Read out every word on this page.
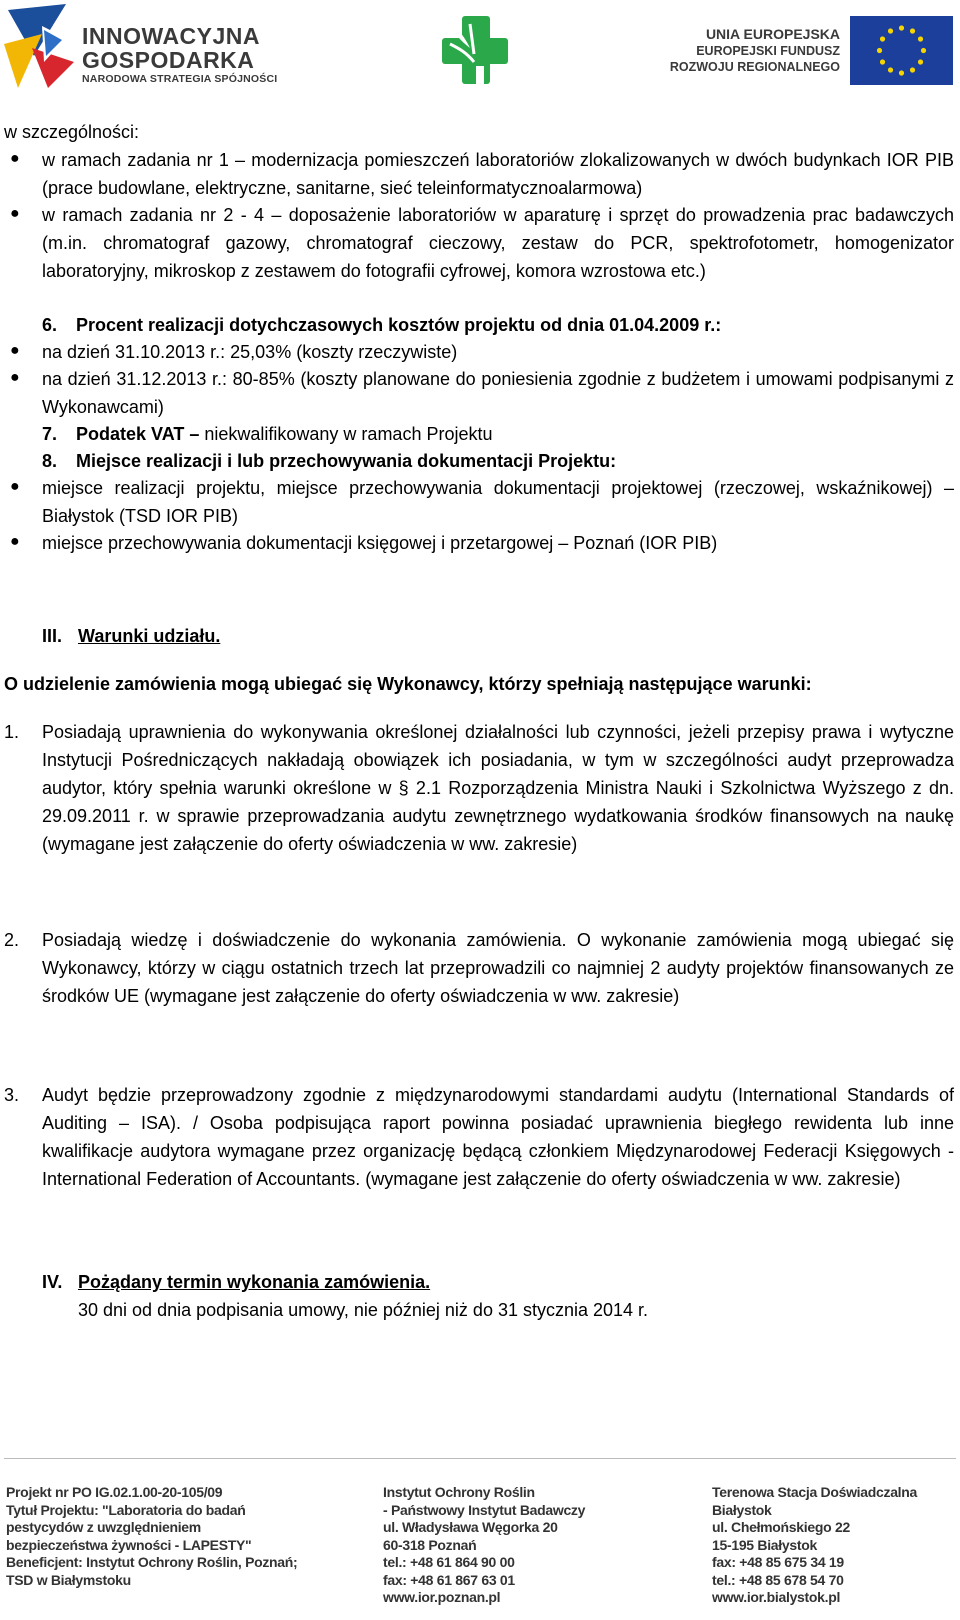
INNOWACYJNA
GOSPODARKA
NARODOWA STRATEGIA SPÓJNOŚCI
UNIA EUROPEJSKA
EUROPEJSKI FUNDUSZ
ROZWOJU REGIONALNEGO
w szczególności:
● w ramach zadania nr 1 – modernizacja pomieszczeń laboratoriów zlokalizowanych w dwóch budynkach IOR PIB (prace budowlane, elektryczne, sanitarne, sieć teleinformatycznoalarmowa)
● w ramach zadania nr 2 - 4 – doposażenie laboratoriów w aparaturę i sprzęt do prowadzenia prac badawczych (m.in. chromatograf gazowy, chromatograf cieczowy, zestaw do PCR, spektrofotometr, homogenizator laboratoryjny, mikroskop z zestawem do fotografii cyfrowej, komora wzrostowa etc.)
6. Procent realizacji dotychczasowych kosztów projektu od dnia 01.04.2009 r.:
● na dzień 31.10.2013 r.: 25,03% (koszty rzeczywiste)
● na dzień 31.12.2013 r.: 80-85% (koszty planowane do poniesienia zgodnie z budżetem i umowami podpisanymi z Wykonawcami)
7. Podatek VAT – niekwalifikowany w ramach Projektu
8. Miejsce realizacji i lub przechowywania dokumentacji Projektu:
● miejsce realizacji projektu, miejsce przechowywania dokumentacji projektowej (rzeczowej, wskaźnikowej) – Białystok (TSD IOR PIB)
● miejsce przechowywania dokumentacji księgowej i przetargowej – Poznań (IOR PIB)
III. Warunki udziału.
O udzielenie zamówienia mogą ubiegać się Wykonawcy, którzy spełniają następujące warunki:
1. Posiadają uprawnienia do wykonywania określonej działalności lub czynności, jeżeli przepisy prawa i wytyczne Instytucji Pośredniczących nakładają obowiązek ich posiadania, w tym w szczególności audyt przeprowadza audytor, który spełnia warunki określone w § 2.1 Rozporządzenia Ministra Nauki i Szkolnictwa Wyższego z dn. 29.09.2011 r. w sprawie przeprowadzania audytu zewnętrznego wydatkowania środków finansowych na naukę (wymagane jest załączenie do oferty oświadczenia w ww. zakresie)
2. Posiadają wiedzę i doświadczenie do wykonania zamówienia. O wykonanie zamówienia mogą ubiegać się Wykonawcy, którzy w ciągu ostatnich trzech lat przeprowadzili co najmniej 2 audyty projektów finansowanych ze środków UE (wymagane jest załączenie do oferty oświadczenia w ww. zakresie)
3. Audyt będzie przeprowadzony zgodnie z międzynarodowymi standardami audytu (International Standards of Auditing – ISA). / Osoba podpisująca raport powinna posiadać uprawnienia biegłego rewidenta lub inne kwalifikacje audytora wymagane przez organizację będącą członkiem Międzynarodowej Federacji Księgowych - International Federation of Accountants. (wymagane jest załączenie do oferty oświadczenia w ww. zakresie)
IV. Pożądany termin wykonania zamówienia.
30 dni od dnia podpisania umowy, nie później niż do 31 stycznia 2014 r.
Projekt nr PO IG.02.1.00-20-105/09
Tytuł Projektu: "Laboratoria do badań
pestycydów z uwzględnieniem
bezpieczeństwa żywności - LAPESTY"
Beneficjent: Instytut Ochrony Roślin, Poznań;
TSD w Białymstoku
Instytut Ochrony Roślin
- Państwowy Instytut Badawczy
ul. Władysława Węgorka 20
60-318 Poznań
tel.: +48 61 864 90 00
fax: +48 61 867 63 01
www.ior.poznan.pl
Terenowa Stacja Doświadczalna
Białystok
ul. Chełmońskiego 22
15-195 Białystok
fax: +48 85 675 34 19
tel.: +48 85 678 54 70
www.ior.bialystok.pl
